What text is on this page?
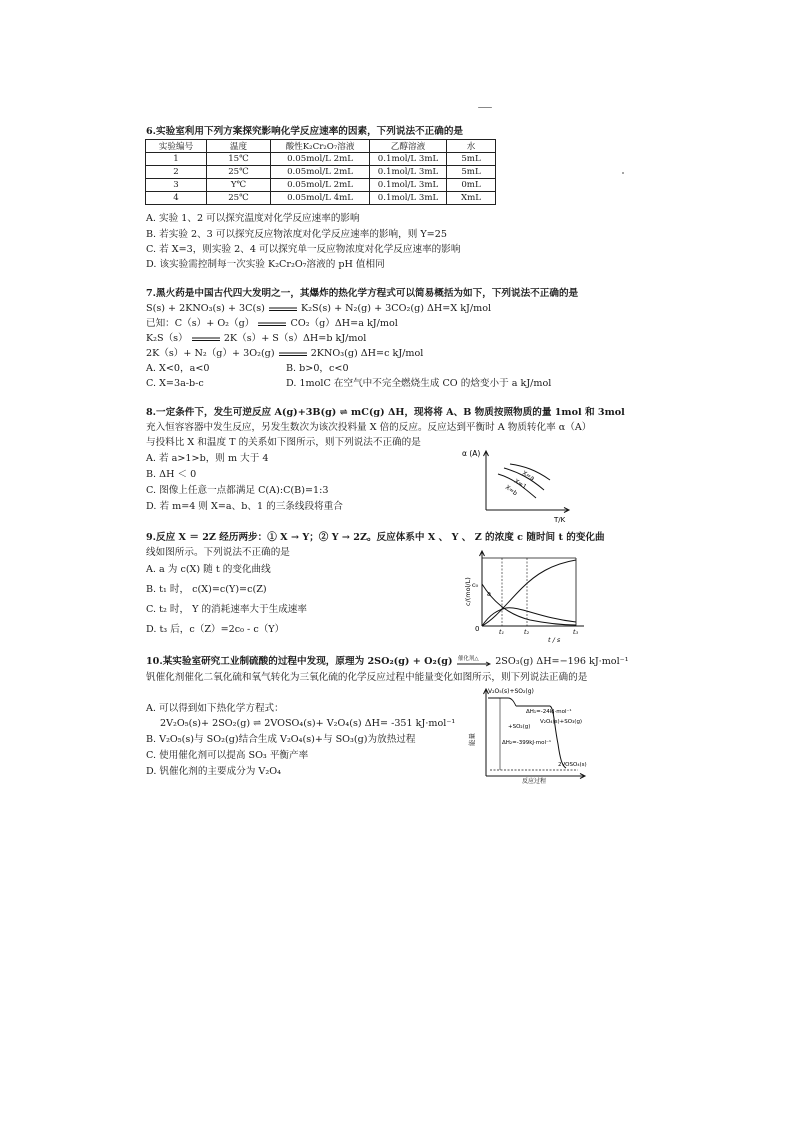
6.实验室利用下列方案探究影响化学反应速率的因素，下列说法不正确的是
实验编号	温度	酸性K₂Cr₂O₇溶液	乙醇溶液	水
1	15℃	0.05mol/L 2mL	0.1mol/L 3mL	5mL
2	25℃	0.05mol/L 2mL	0.1mol/L 3mL	5mL
3	Y℃	0.05mol/L 2mL	0.1mol/L 3mL	0mL
4	25℃	0.05mol/L 4mL	0.1mol/L 3mL	XmL
A. 实验 1、2 可以探究温度对化学反应速率的影响
B. 若实验 2、3 可以探究反应物浓度对化学反应速率的影响，则 Y=25
C. 若 X=3，则实验 2、4 可以探究单一反应物浓度对化学反应速率的影响
D. 该实验需控制每一次实验 K₂Cr₂O₇溶液的 pH 值相同
7.黑火药是中国古代四大发明之一，其爆炸的热化学方程式可以简易概括为如下，下列说法不正确的是
S(s) + 2KNO₃(s) + 3C(s)	K₂S(s) + N₂(g) + 3CO₂(g) ΔH=X kJ/mol
已知：C（s）+ O₂（g）	CO₂（g）ΔH=a kJ/mol
K₂S（s）	2K（s）+ S（s）ΔH=b kJ/mol
2K（s）+ N₂（g）+ 3O₂(g)	2KNO₃(g) ΔH=c kJ/mol
A. X<0，a<0	B. b>0，c<0
C. X=3a-b-c	D. 1molC 在空气中不完全燃烧生成 CO 的焓变小于 a kJ/mol
8.一定条件下，发生可逆反应 A(g)+3B(g) ⇌ mC(g) ΔH，现将将 A、B 物质按照物质的量 1mol 和 3mol
充入恒容容器中发生反应，另发生数次为该次投料量 X 倍的反应。反应达到平衡时 A 物质转化率 α（A）
与投料比 X 和温度 T 的关系如下图所示，则下列说法不正确的是
A. 若 a>1>b，则 m 大于 4
B. ΔH ＜ 0
C. 图像上任意一点都满足 C(A):C(B)=1:3
D. 若 m=4 则 X=a、b、1 的三条线段将重合
α (A)
T/K
X=a
X=1
X=b
9.反应 X ＝ 2Z 经历两步：① X → Y；② Y → 2Z。反应体系中 X 、 Y 、 Z 的浓度 c 随时间 t 的变化曲
线如图所示。下列说法不正确的是
A. a 为 c(X) 随 t 的变化曲线
B. t₁ 时， c(X)=c(Y)=c(Z)
C. t₂ 时， Y 的消耗速率大于生成速率
D. t₃ 后，c（Z）=2c₀ - c（Y）
c/(mol/L) c₀
0
a
t₁	t₂	t₃
t / s
10.某实验室研究工业制硫酸的过程中发现，原理为 2SO₂(g) + O₂(g) 催化剂△ 2SO₃(g) ΔH=−196 kJ·mol⁻¹
钒催化剂催化二氧化硫和氧气转化为三氧化硫的化学反应过程中能量变化如图所示，则下列说法正确的是
A. 可以得到如下热化学方程式：
2V₂O₅(s)+ 2SO₂(g) ⇌ 2VOSO₄(s)+ V₂O₄(s) ΔH= -351 kJ·mol⁻¹
B. V₂O₅(s)与 SO₂(g)结合生成 V₂O₄(s)+与 SO₃(g)为放热过程
C. 使用催化剂可以提高 SO₃ 平衡产率
D. 钒催化剂的主要成分为 V₂O₄
V₂O₅(s)+SO₂(g)
ΔH₁=-24kJ·mol⁻¹
+SO₂(g)
V₂O₄(s)+SO₃(g)
ΔH₂=-399kJ·mol⁻¹
2VOSO₄(s)
能量
反应过程
